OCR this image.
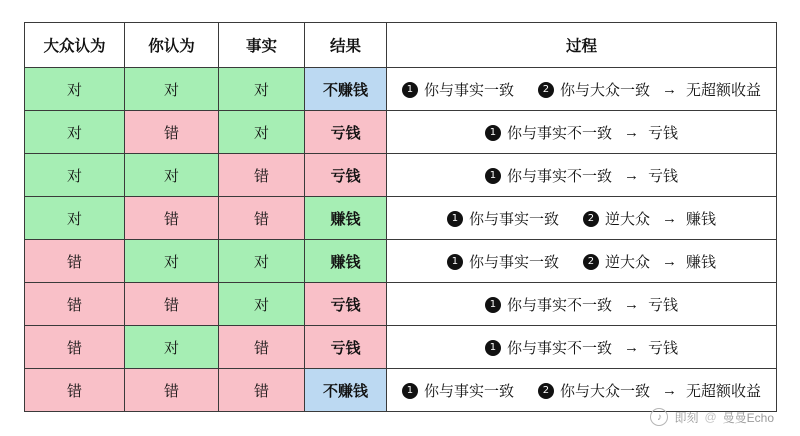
大众认为	你认为	事实	结果	过程
对	对	对	不赚钱	1 你与事实一致 2 你与大众一致 → 无超额收益
对	错	对	亏钱	1 你与事实不一致 → 亏钱
对	对	错	亏钱	1 你与事实不一致 → 亏钱
对	错	错	赚钱	1 你与事实一致 2 逆大众 → 赚钱
错	对	对	赚钱	1 你与事实一致 2 逆大众 → 赚钱
错	错	对	亏钱	1 你与事实不一致 → 亏钱
错	对	错	亏钱	1 你与事实不一致 → 亏钱
错	错	错	不赚钱	1 你与事实一致 2 你与大众一致 → 无超额收益
♪	即刻 @ 曼曼Echo
